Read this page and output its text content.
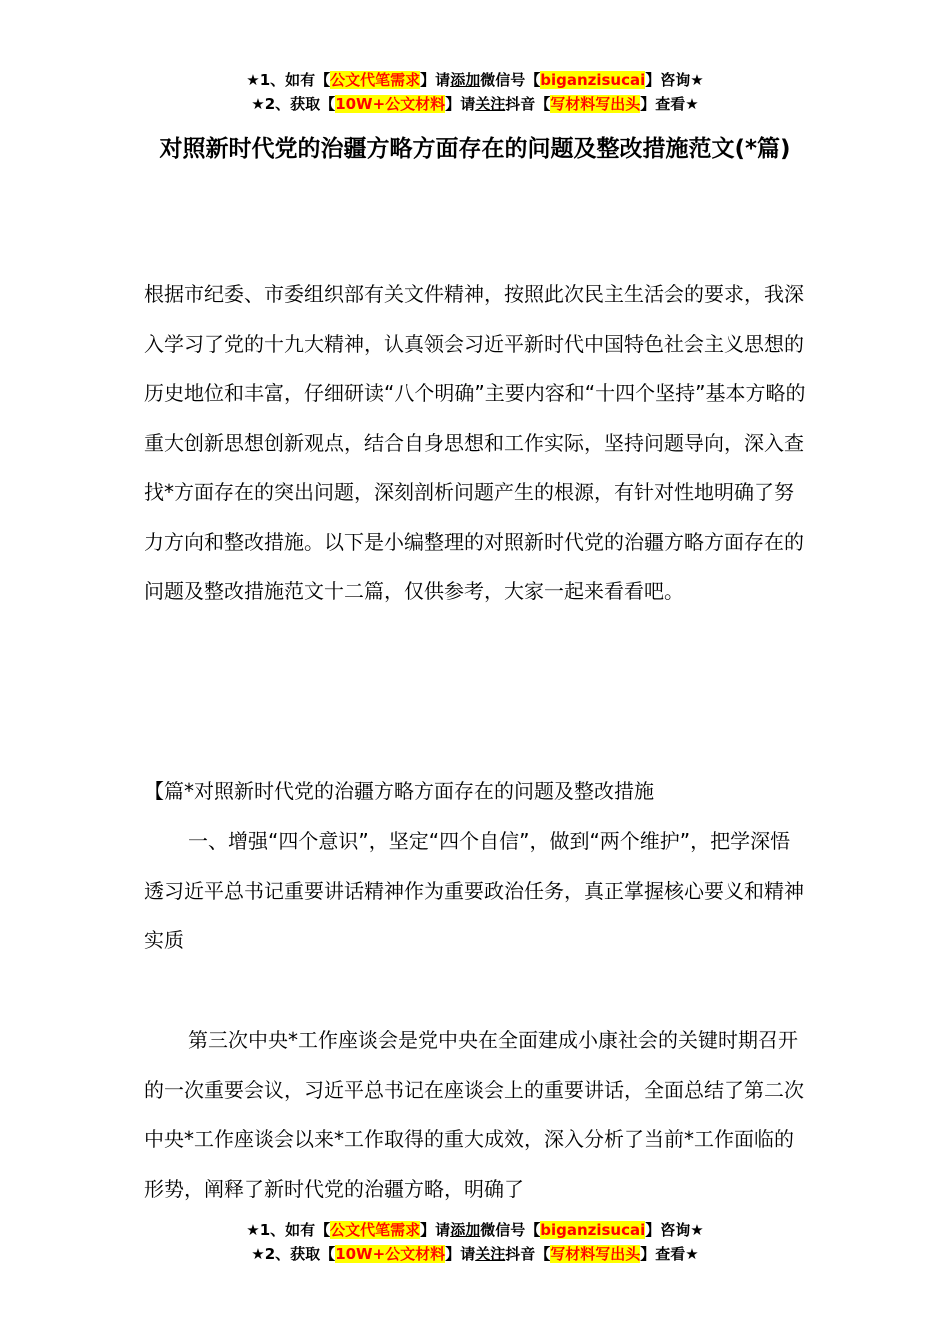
★1、如有【公文代笔需求】请添加微信号【biganzisucai】咨询★
★2、获取【10W+公文材料】请关注抖音【写材料写出头】查看★
对照新时代党的治疆方略方面存在的问题及整改措施范文(*篇)

根据市纪委、市委组织部有关文件精神，按照此次民主生活会的要求，我深入学习了党的十九大精神，认真领会习近平新时代中国特色社会主义思想的历史地位和丰富，仔细研读“八个明确”主要内容和“十四个坚持”基本方略的重大创新思想创新观点，结合自身思想和工作实际，坚持问题导向，深入查找*方面存在的突出问题，深刻剖析问题产生的根源，有针对性地明确了努力方向和整改措施。以下是小编整理的对照新时代党的治疆方略方面存在的问题及整改措施范文十二篇，仅供参考，大家一起来看看吧。

【篇*对照新时代党的治疆方略方面存在的问题及整改措施

一、增强“四个意识”，坚定“四个自信”，做到“两个维护”，把学深悟透习近平总书记重要讲话精神作为重要政治任务，真正掌握核心要义和精神实质

第三次中央*工作座谈会是党中央在全面建成小康社会的关键时期召开的一次重要会议，习近平总书记在座谈会上的重要讲话，全面总结了第二次中央*工作座谈会以来*工作取得的重大成效，深入分析了当前*工作面临的形势，阐释了新时代党的治疆方略，明确了

★1、如有【公文代笔需求】请添加微信号【biganzisucai】咨询★
★2、获取【10W+公文材料】请关注抖音【写材料写出头】查看★
